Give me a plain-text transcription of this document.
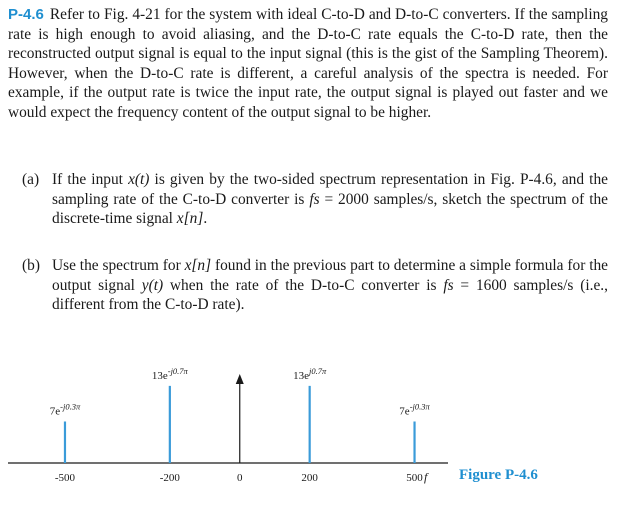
P-4.6 Refer to Fig. 4-21 for the system with ideal C-to-D and D-to-C converters. If the sampling rate is high enough to avoid aliasing, and the D-to-C rate equals the C-to-D rate, then the reconstructed output signal is equal to the input signal (this is the gist of the Sampling Theorem). However, when the D-to-C rate is different, a careful analysis of the spectra is needed. For example, if the output rate is twice the input rate, the output signal is played out faster and we would expect the frequency content of the output signal to be higher.
(a) If the input x(t) is given by the two-sided spectrum representation in Fig. P-4.6, and the sampling rate of the C-to-D converter is fs = 2000 samples/s, sketch the spectrum of the discrete-time signal x[n].
(b) Use the spectrum for x[n] found in the previous part to determine a simple formula for the output signal y(t) when the rate of the D-to-C converter is fs = 1600 samples/s (i.e., different from the C-to-D rate).
f
-500	-200	0	200	500
$7e^{-j0.3\pi}$
$13e^{-j0.7\pi}$	$13e^{j0.7\pi}$
$7e^{-j0.3\pi}$
Figure P-4.6
